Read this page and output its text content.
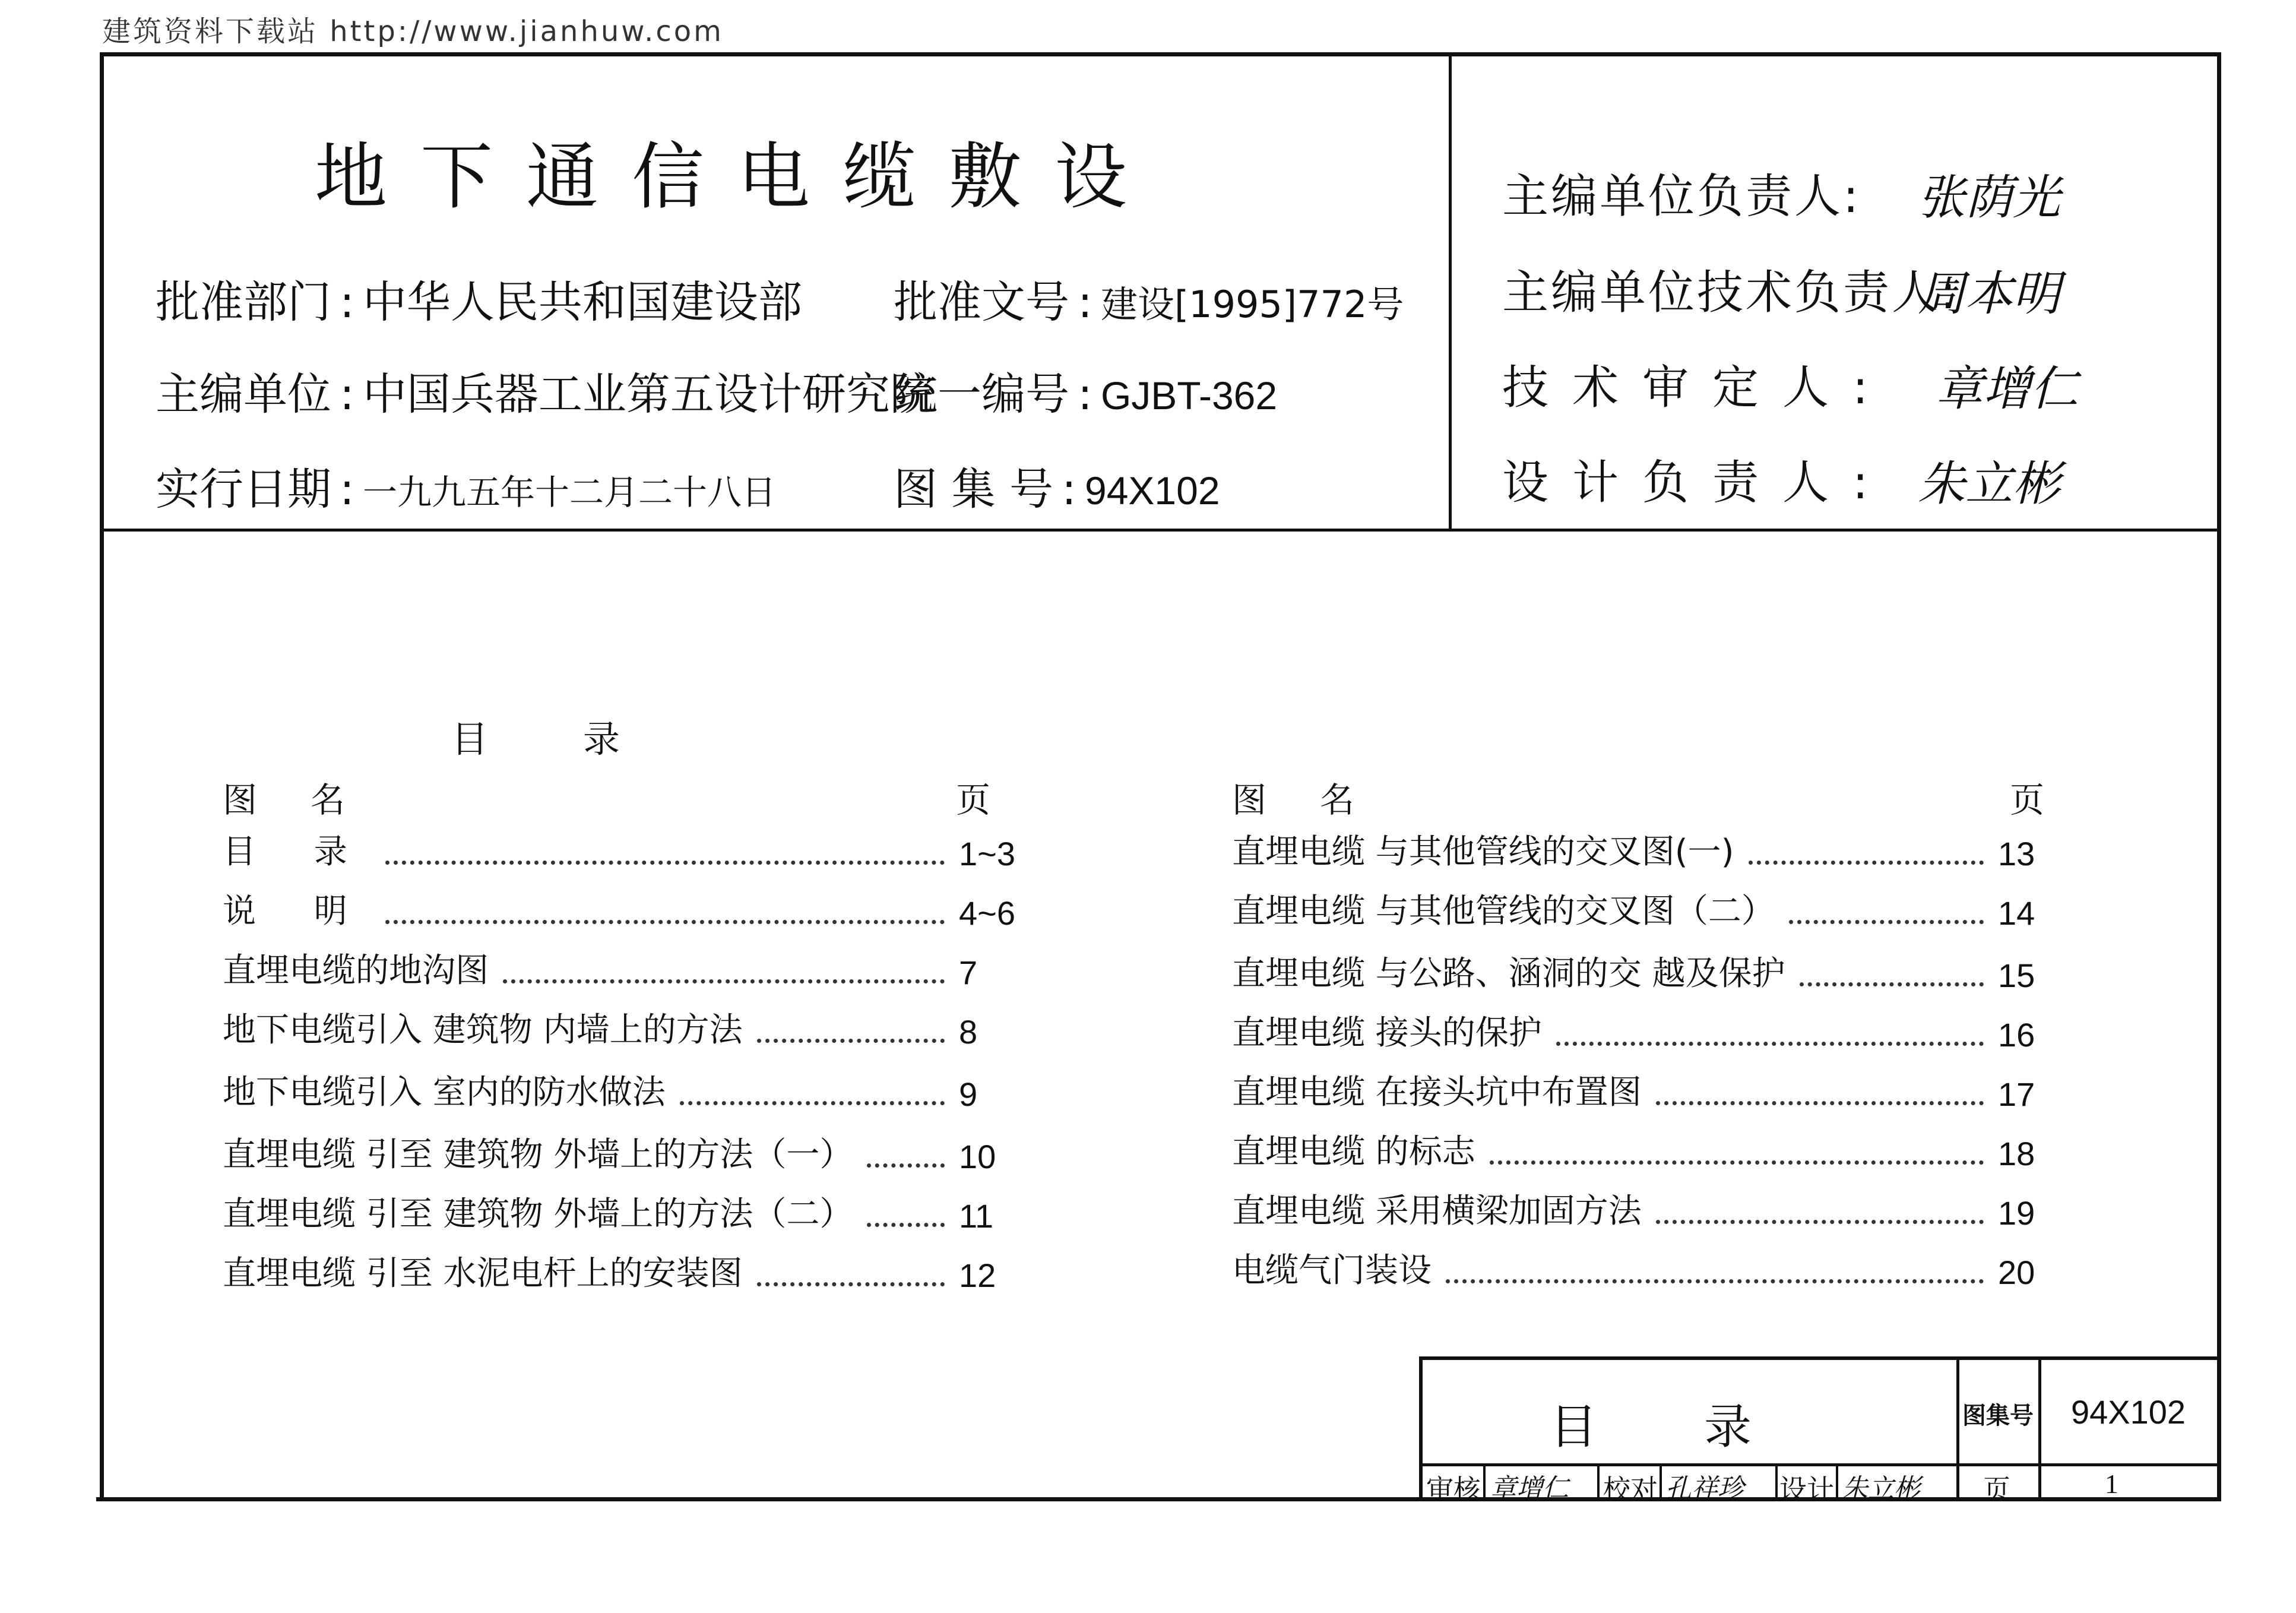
建筑资料下载站 http://www.jianhuw.com
地下通信电缆敷设
批准部门 : 中华人民共和国建设部 批准文号 : 建设[1995]772号
主编单位 : 中国兵器工业第五设计研究院
统一编号 : GJBT-362
实行日期 : 一九九五年十二月二十八日	图 集 号 : 94X102
主编单位负责人: 张荫光
主编单位技术负责人:
周本明
技术审定人: 章增仁
设计负责人: 朱立彬
目录
图名	页	图名	页
目 录	1~3
说 明	4~6
直埋电缆的地沟图	7
地下电缆引入 建筑物 内墙上的方法	8
地下电缆引入 室内的防水做法	9
直埋电缆 引至 建筑物 外墙上的方法（一）	10
直埋电缆 引至 建筑物 外墙上的方法（二）	11
直埋电缆 引至 水泥电杆上的安装图	12
直埋电缆 与其他管线的交叉图(一)	13
直埋电缆 与其他管线的交叉图（二）	14
直埋电缆 与公路、涵洞的交 越及保护	15
直埋电缆 接头的保护	16
直埋电缆 在接头坑中布置图	17
直埋电缆 的标志	18
直埋电缆 采用横梁加固方法	19
电缆气门装设	20
目录	图集号 94X102
审核 章增仁 校对 孔祥珍 设计 朱立彬 页	1
